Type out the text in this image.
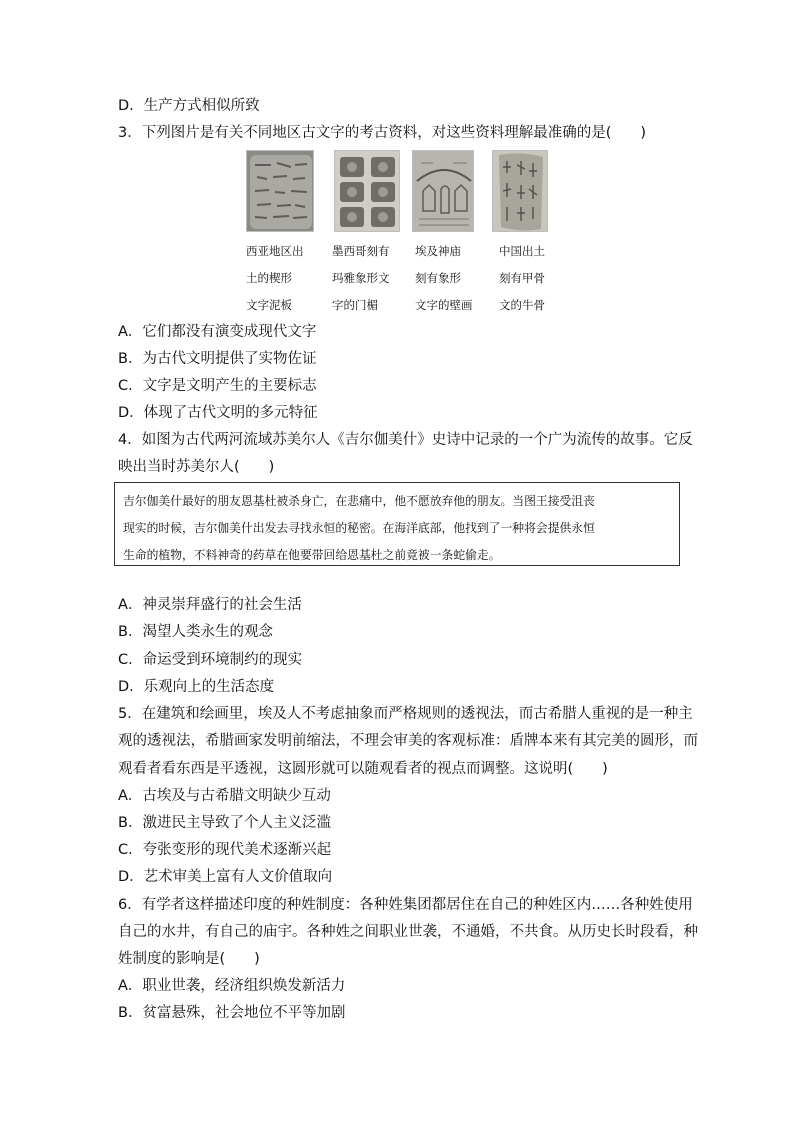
D．生产方式相似所致
3．下列图片是有关不同地区古文字的考古资料，对这些资料理解最准确的是(　　)
西亚地区出 墨西哥刻有 埃及神庙	中国出土
土的楔形	玛雅象形文 刻有象形	刻有甲骨
文字泥板	字的门楣	文字的壁画 文的牛骨
A．它们都没有演变成现代文字
B．为古代文明提供了实物佐证
C．文字是文明产生的主要标志
D．体现了古代文明的多元特征
4．如图为古代两河流域苏美尔人《吉尔伽美什》史诗中记录的一个广为流传的故事。它反
映出当时苏美尔人(　　)
吉尔伽美什最好的朋友恩基杜被杀身亡，在悲痛中，他不愿放弃他的朋友。当图王接受沮丧
现实的时候，吉尔伽美什出发去寻找永恒的秘密。在海洋底部，他找到了一种将会提供永恒
生命的植物，不料神奇的药草在他要带回给恩基杜之前竟被一条蛇偷走。
A．神灵崇拜盛行的社会生活
B．渴望人类永生的观念
C．命运受到环境制约的现实
D．乐观向上的生活态度
5．在建筑和绘画里，埃及人不考虑抽象而严格规则的透视法，而古希腊人重视的是一种主
观的透视法，希腊画家发明前缩法，不理会审美的客观标准：盾牌本来有其完美的圆形，而
观看者看东西是平透视，这圆形就可以随观看者的视点而调整。这说明(　　)
A．古埃及与古希腊文明缺少互动
B．激进民主导致了个人主义泛滥
C．夸张变形的现代美术逐渐兴起
D．艺术审美上富有人文价值取向
6．有学者这样描述印度的种姓制度：各种姓集团都居住在自己的种姓区内……各种姓使用
自己的水井，有自己的庙宇。各种姓之间职业世袭，不通婚，不共食。从历史长时段看，种
姓制度的影响是(　　)
A．职业世袭，经济组织焕发新活力
B．贫富悬殊，社会地位不平等加剧
